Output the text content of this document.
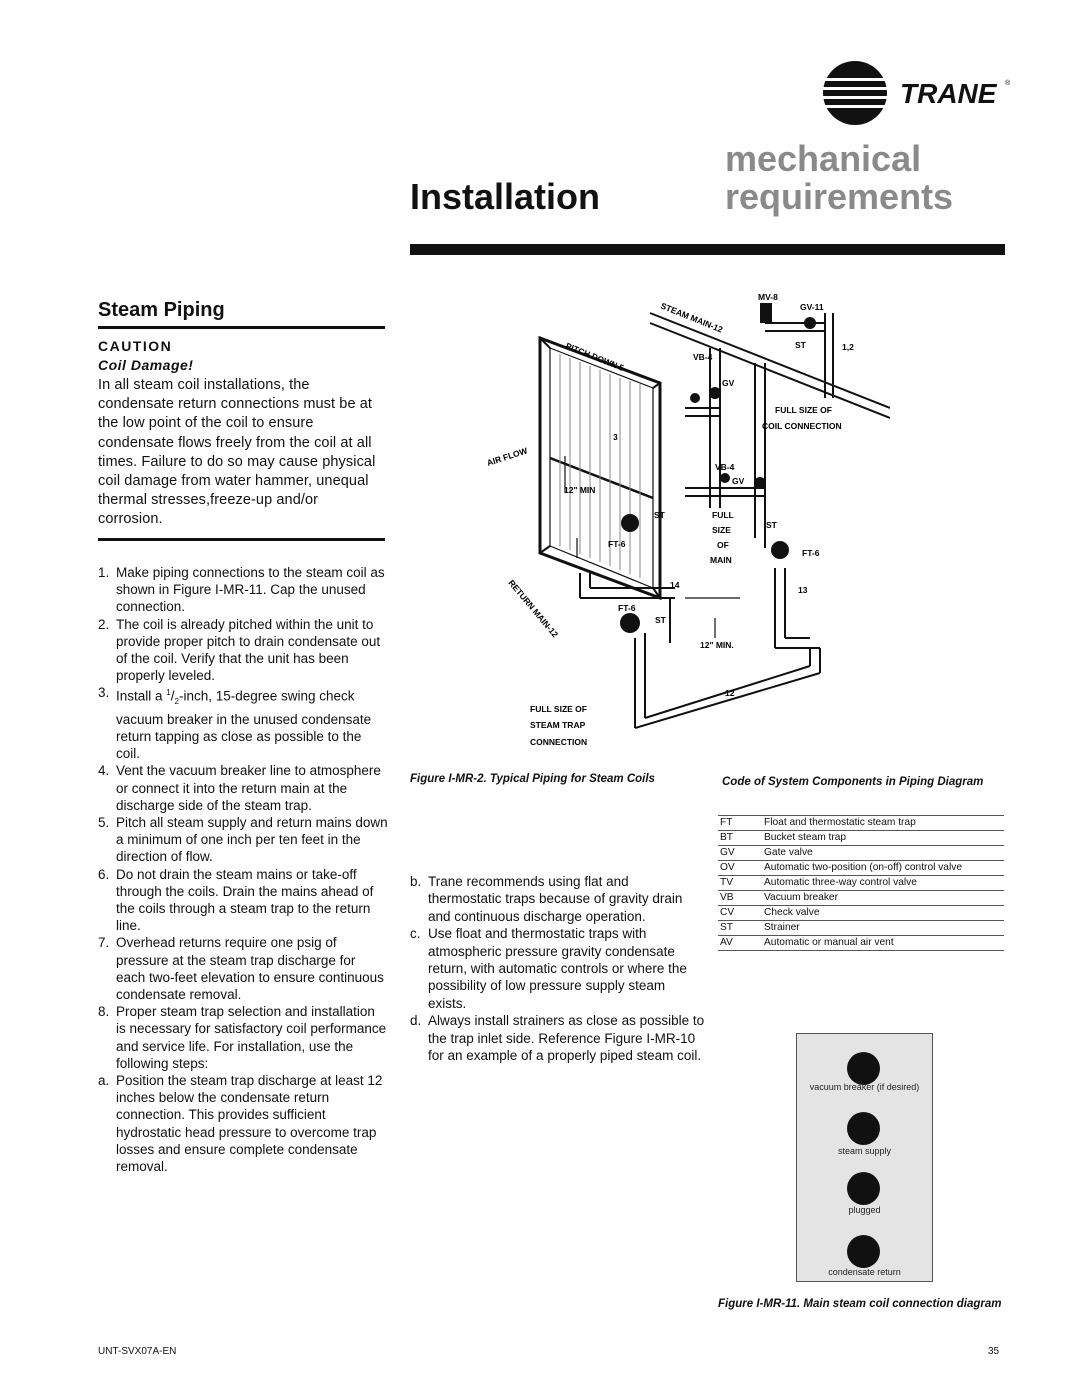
TRANE ®
Installation
mechanical
requirements
Steam Piping
CAUTION
Coil Damage!
In all steam coil installations, the condensate return connections must be at the low point of the coil to ensure condensate flows freely from the coil at all times. Failure to do so may cause physical coil damage from water hammer, unequal thermal stresses,freeze-up and/or corrosion.
1. Make piping connections to the steam coil as shown in Figure I-MR-11. Cap the unused connection.
2. The coil is already pitched within the unit to provide proper pitch to drain condensate out of the coil. Verify that the unit has been properly leveled.
3. Install a $^1/_2$-inch, 15-degree swing check vacuum breaker in the unused condensate return tapping as close as possible to the coil.
4. Vent the vacuum breaker line to atmosphere or connect it into the return main at the discharge side of the steam trap.
5. Pitch all steam supply and return mains down a minimum of one inch per ten feet in the direction of flow.
6. Do not drain the steam mains or take-off through the coils. Drain the mains ahead of the coils through a steam trap to the return line.
7. Overhead returns require one psig of pressure at the steam trap discharge for each two-feet elevation to ensure continuous condensate removal.
8. Proper steam trap selection and installation is necessary for satisfactory coil performance and service life. For installation, use the following steps:
a. Position the steam trap discharge at least 12 inches below the condensate return connection. This provides sufficient hydrostatic head pressure to overcome trap losses and ensure complete condensate removal.
STEAM MAIN-12
PITCH DOWN 5
AIR FLOW
RETURN MAIN-12
MV-8
GV-11
ST	1,2
VB-4
GV
FULL SIZE OF
COIL CONNECTION
3
VB-4
GV
12" MIN
ST	FULL
ST
FT-6
SIZE
OF
FT-6
MAIN
14	13
FT-6
ST
12" MIN.
12
FULL SIZE OF
STEAM TRAP
CONNECTION
Figure I-MR-2. Typical Piping for Steam Coils
b. Trane recommends using flat and thermostatic traps because of gravity drain and continuous discharge operation.
c. Use float and thermostatic traps with atmospheric pressure gravity condensate return, with automatic controls or where the possibility of low pressure supply steam exists.
d. Always install strainers as close as possible to the trap inlet side. Reference Figure I-MR-10 for an example of a properly piped steam coil.
Code of System Components in Piping Diagram
FT	Float and thermostatic steam trap
BT	Bucket steam trap
GV	Gate valve
OV	Automatic two-position (on-off) control valve
TV	Automatic three-way control valve
VB	Vacuum breaker
CV	Check valve
ST	Strainer
AV	Automatic or manual air vent
vacuum breaker (if desired)
steam supply
plugged
condensate return
Figure I-MR-11. Main steam coil connection diagram
UNT-SVX07A-EN	35
